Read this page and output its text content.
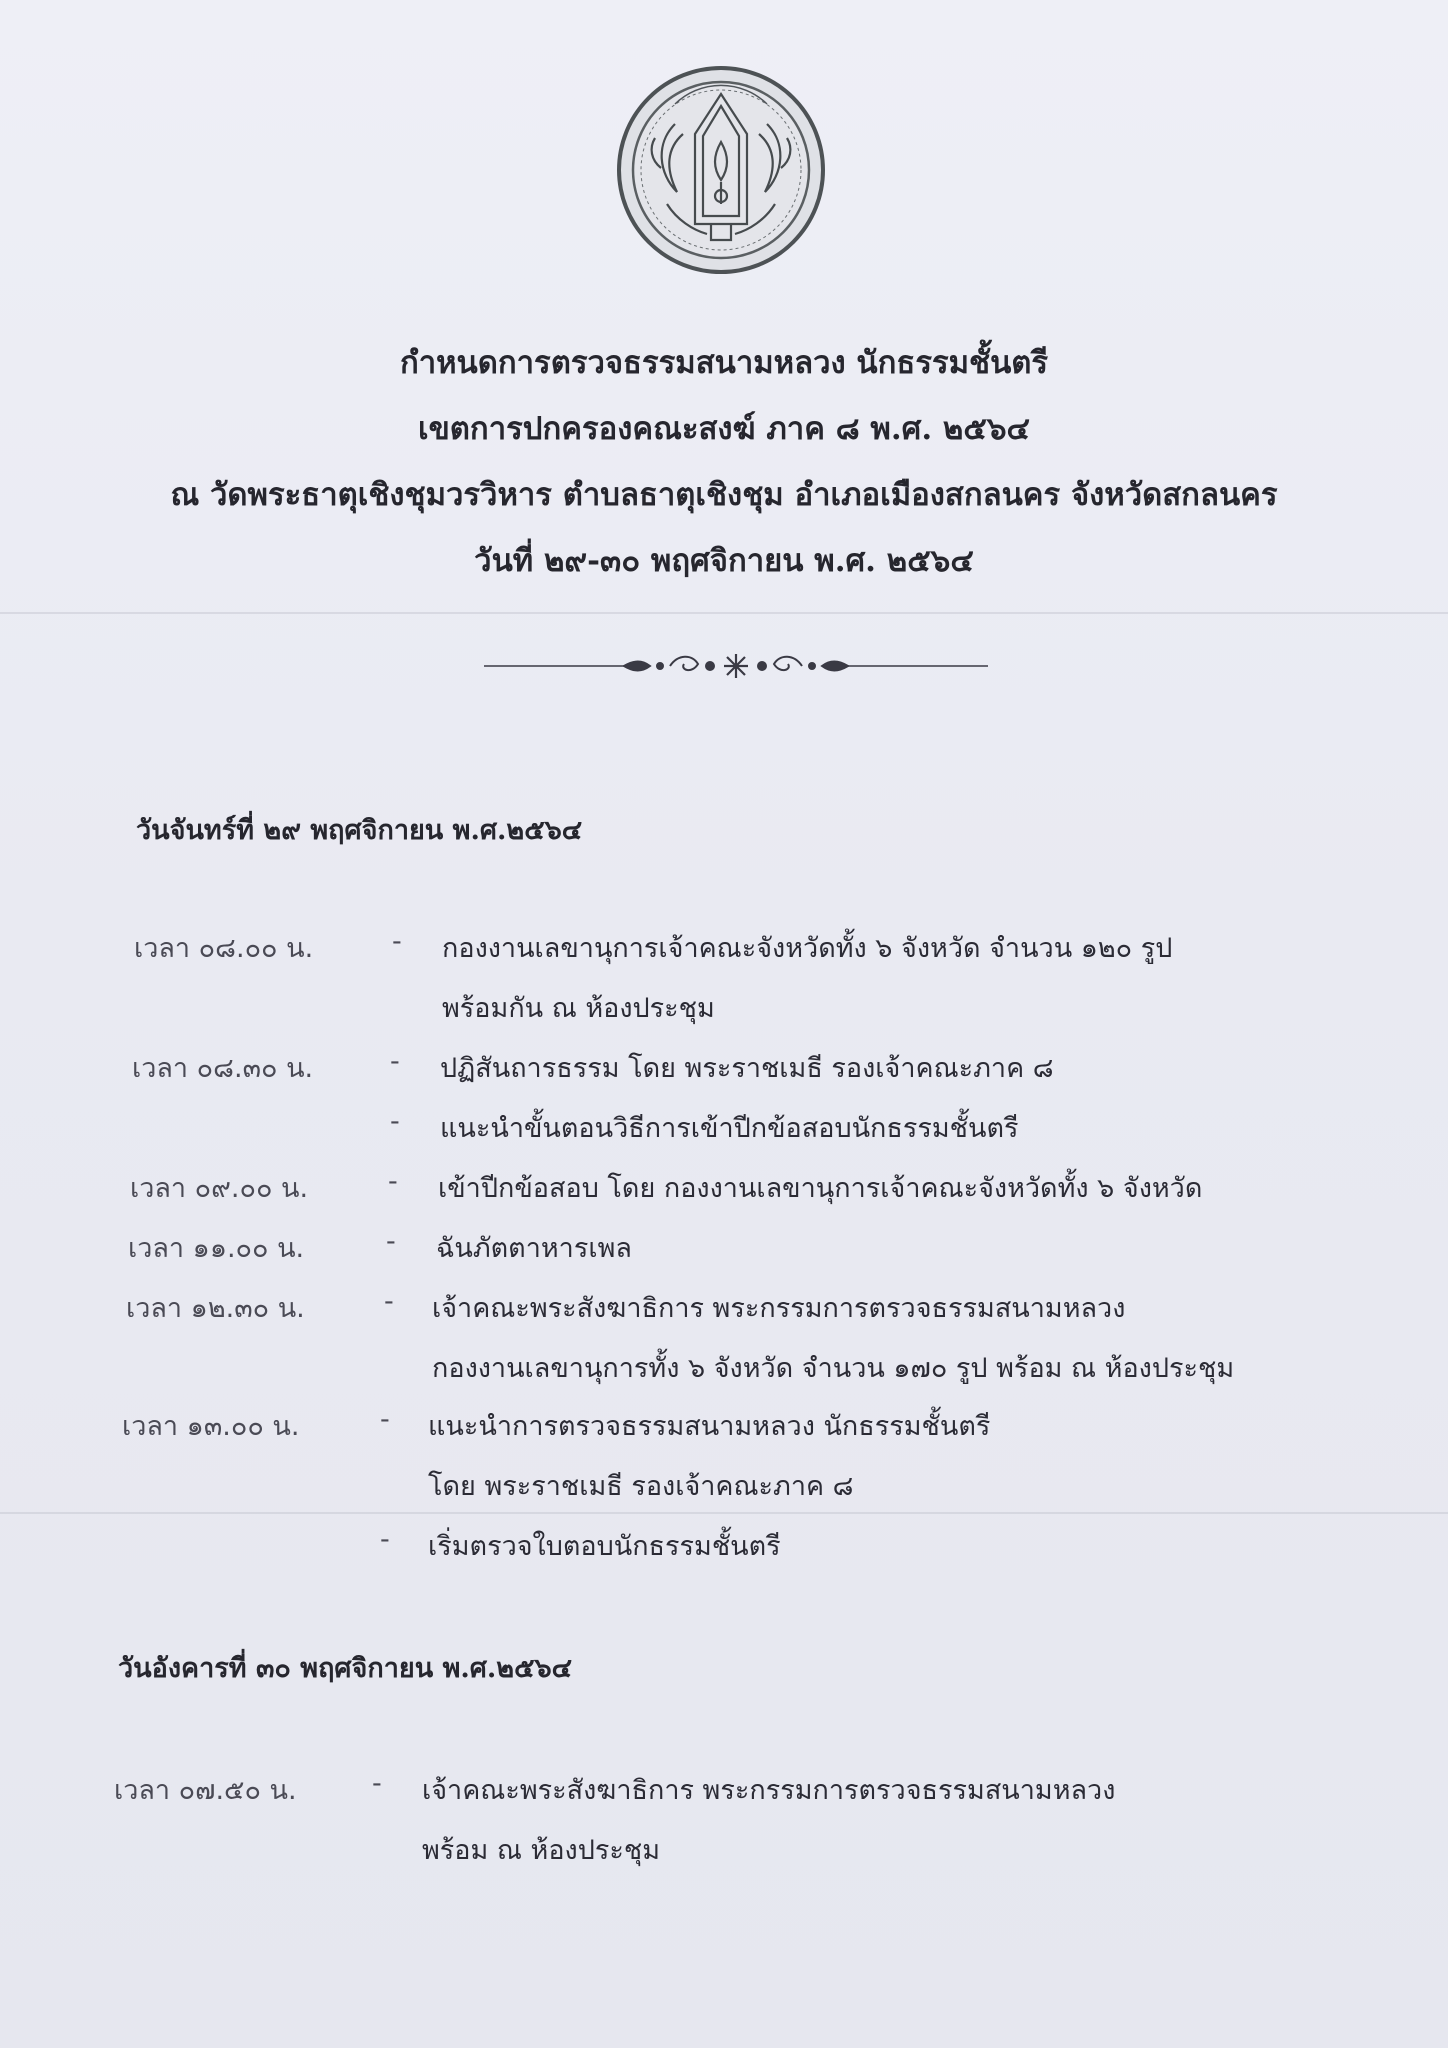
กำหนดการตรวจธรรมสนามหลวง นักธรรมชั้นตรี
เขตการปกครองคณะสงฆ์ ภาค ๘ พ.ศ. ๒๕๖๔
ณ วัดพระธาตุเชิงชุมวรวิหาร ตำบลธาตุเชิงชุม อำเภอเมืองสกลนคร จังหวัดสกลนคร
วันที่ ๒๙-๓๐ พฤศจิกายน พ.ศ. ๒๕๖๔
วันจันทร์ที่ ๒๙ พฤศจิกายน พ.ศ.๒๕๖๔
เวลา ๐๘.๐๐ น.	- กองงานเลขานุการเจ้าคณะจังหวัดทั้ง ๖ จังหวัด จำนวน ๑๒๐ รูป
พร้อมกัน ณ ห้องประชุม
เวลา ๐๘.๓๐ น.	- ปฏิสันถารธรรม โดย พระราชเมธี รองเจ้าคณะภาค ๘
- แนะนำขั้นตอนวิธีการเข้าปีกข้อสอบนักธรรมชั้นตรี
เวลา ๐๙.๐๐ น.	- เข้าปีกข้อสอบ โดย กองงานเลขานุการเจ้าคณะจังหวัดทั้ง ๖ จังหวัด
เวลา ๑๑.๐๐ น.	- ฉันภัตตาหารเพล
เวลา ๑๒.๓๐ น.	- เจ้าคณะพระสังฆาธิการ พระกรรมการตรวจธรรมสนามหลวง
กองงานเลขานุการทั้ง ๖ จังหวัด จำนวน ๑๗๐ รูป พร้อม ณ ห้องประชุม
เวลา ๑๓.๐๐ น.	- แนะนำการตรวจธรรมสนามหลวง นักธรรมชั้นตรี
โดย พระราชเมธี รองเจ้าคณะภาค ๘
- เริ่มตรวจใบตอบนักธรรมชั้นตรี
วันอังคารที่ ๓๐ พฤศจิกายน พ.ศ.๒๕๖๔
เวลา ๐๗.๕๐ น.	- เจ้าคณะพระสังฆาธิการ พระกรรมการตรวจธรรมสนามหลวง
พร้อม ณ ห้องประชุม
